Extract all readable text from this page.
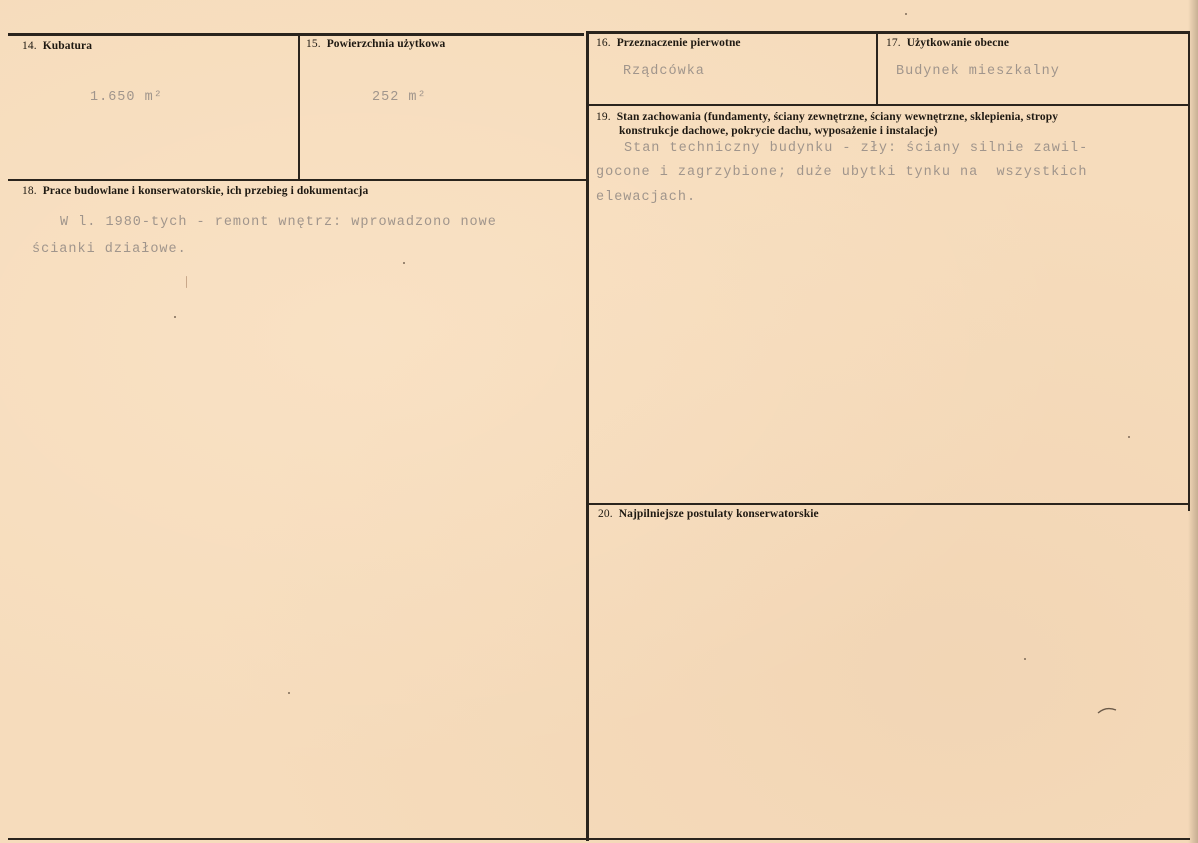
14. Kubatura
1.650 m²
15. Powierzchnia użytkowa
252 m²
16. Przeznaczenie pierwotne
Rządcówka
17. Użytkowanie obecne
Budynek mieszkalny
18. Prace budowlane i konserwatorskie, ich przebieg i dokumentacja
W l. 1980-tych - remont wnętrz: wprowadzono nowe
ścianki działowe.
19. Stan zachowania (fundamenty, ściany zewnętrzne, ściany wewnętrzne, sklepienia, stropy
konstrukcje dachowe, pokrycie dachu, wyposażenie i instalacje)
Stan techniczny budynku - zły: ściany silnie zawil-
gocone i zagrzybione; duże ubytki tynku na  wszystkich
elewacjach.
20. Najpilniejsze postulaty konserwatorskie
